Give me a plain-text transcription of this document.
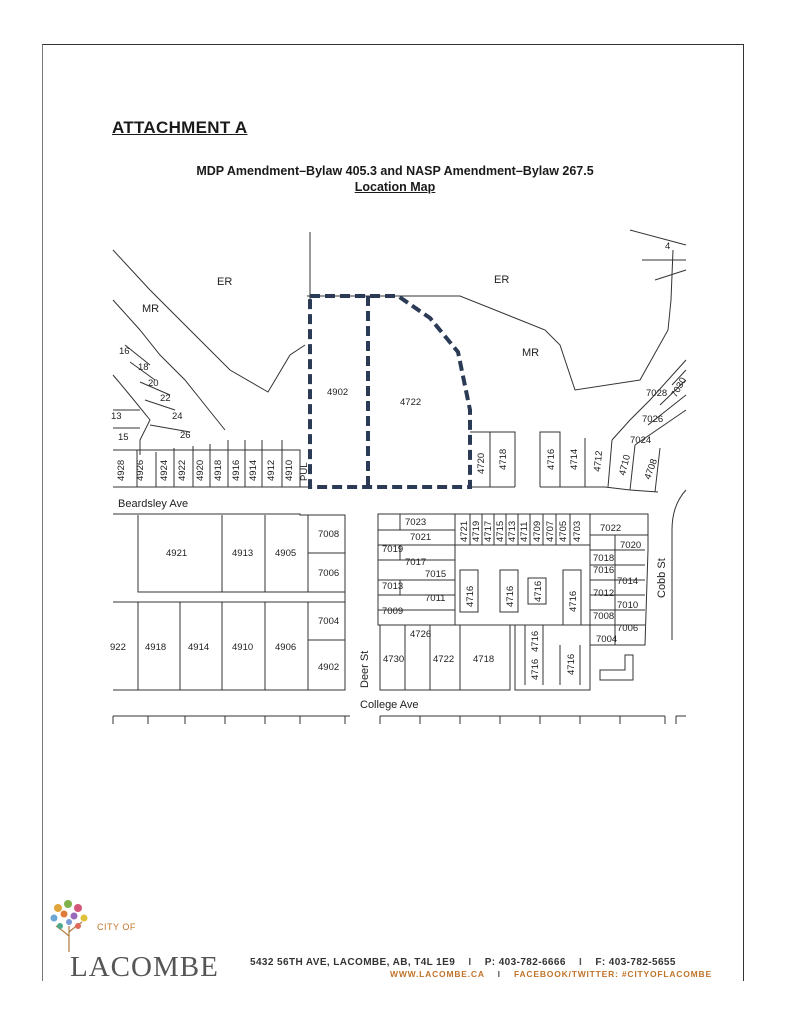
ATTACHMENT A
MDP Amendment–Bylaw 405.3 and NASP Amendment–Bylaw 267.5
Location Map
ER	ER
MR
MR
4
4902
4722
16
18
20
22
24
26
13
15
4928 4926 4924 4922 4920 4918 4916 4914 4912 4910 PUL	4720 4718	4716 4714 4712 4710 4708
7028 7030
7026
7024
Beardsley Ave
College Ave
Deer St
Cobb St
4921	4913 4905
7008
7006
922 4918 4914 4910 4906
7004
4902
7023
7021
7019
7017
7015
7013
7011
7009
4730
4726
4722 4718
4721 4719 4717 4715 4713 4711 4709 4707 4705 4703
4716	4716 4716	4716
4716
4716
4716
7022
7020
7018
7016
7014
7012
7010
7008
7006
7004
CITY OF
LACOMBE	5432 56TH AVE, LACOMBE, AB, T4L 1E9 I P: 403-782-6666 I F: 403-782-5655
WWW.LACOMBE.CA I FACEBOOK/TWITTER: #CITYOFLACOMBE
